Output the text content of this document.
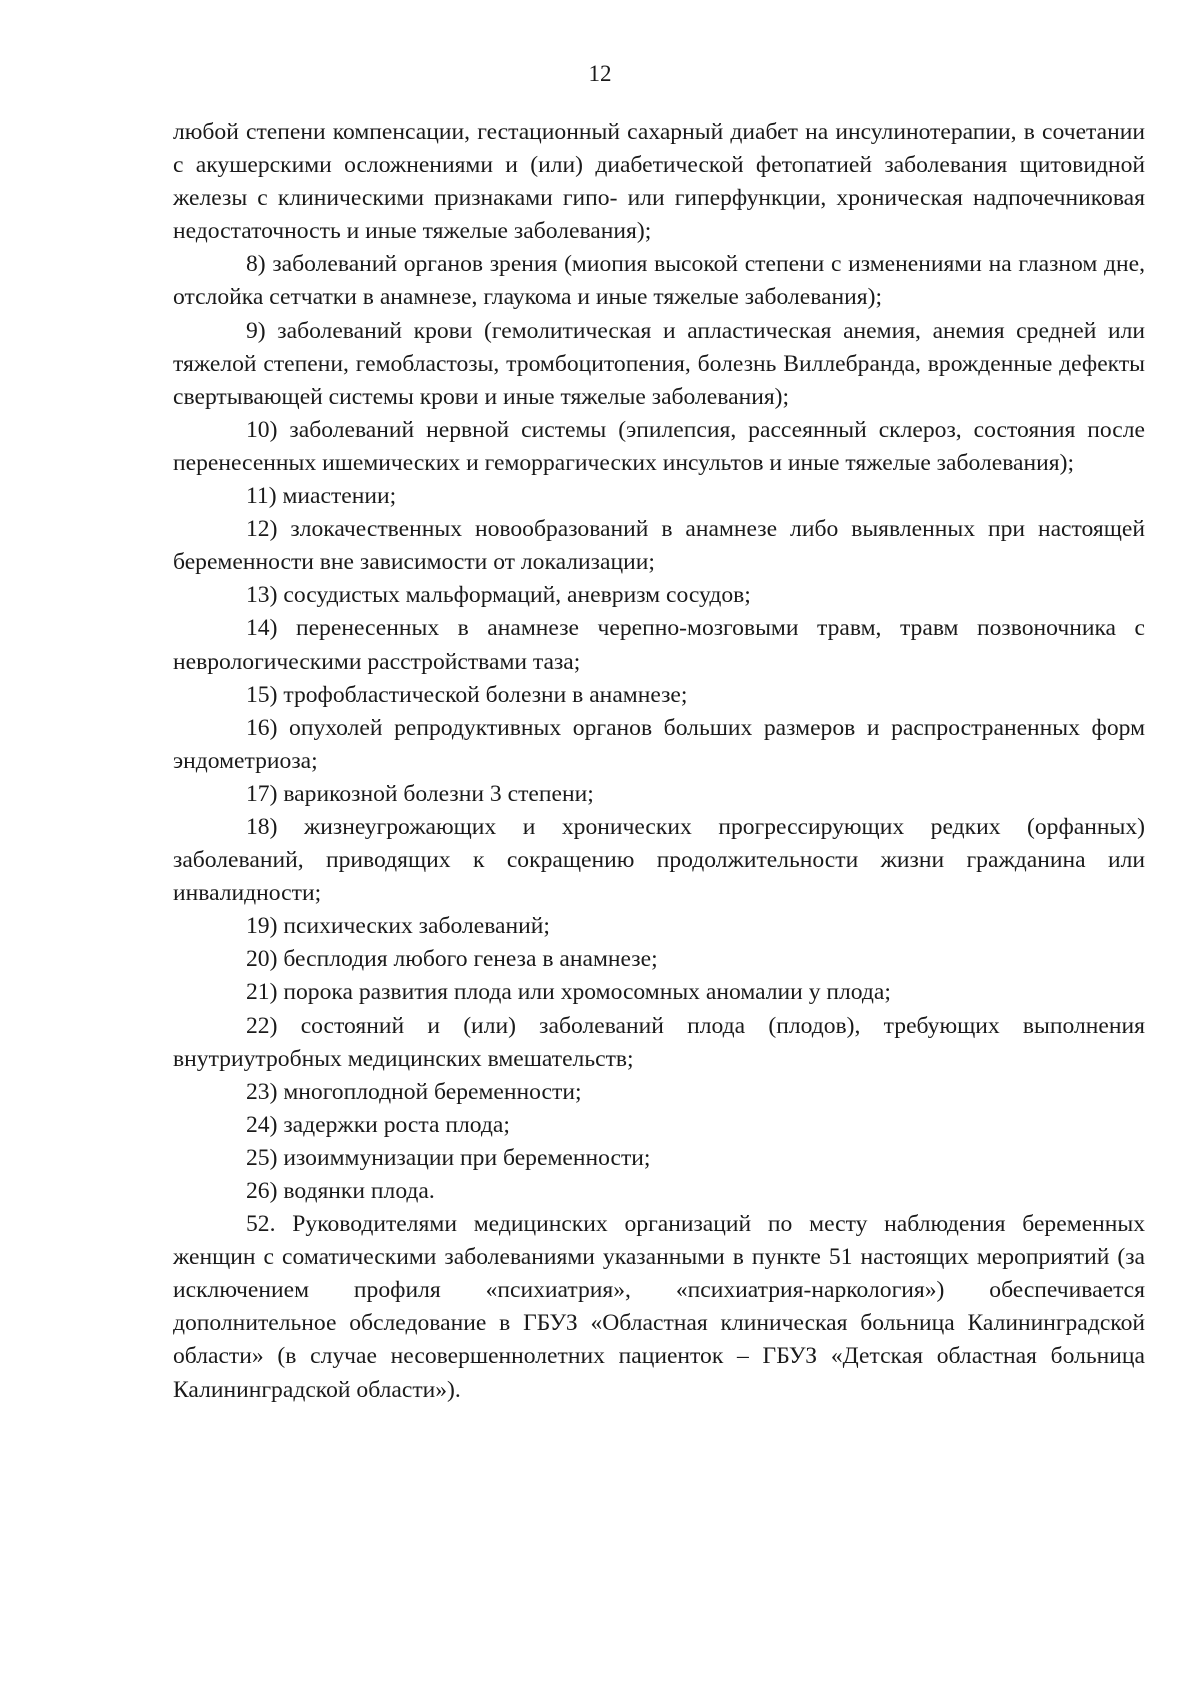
12

любой степени компенсации, гестационный сахарный диабет на инсулинотерапии, в сочетании с акушерскими осложнениями и (или) диабетической фетопатией заболевания щитовидной железы с клиническими признаками гипо- или гиперфункции, хроническая надпочечниковая недостаточность и иные тяжелые заболевания);

8) заболеваний органов зрения (миопия высокой степени с изменениями на глазном дне, отслойка сетчатки в анамнезе, глаукома и иные тяжелые заболевания);

9) заболеваний крови (гемолитическая и апластическая анемия, анемия средней или тяжелой степени, гемобластозы, тромбоцитопения, болезнь Виллебранда, врожденные дефекты свертывающей системы крови и иные тяжелые заболевания);

10) заболеваний нервной системы (эпилепсия, рассеянный склероз, состояния после перенесенных ишемических и геморрагических инсультов и иные тяжелые заболевания);

11) миастении;

12) злокачественных новообразований в анамнезе либо выявленных при настоящей беременности вне зависимости от локализации;

13) сосудистых мальформаций, аневризм сосудов;

14) перенесенных в анамнезе черепно-мозговыми травм, травм позвоночника с неврологическими расстройствами таза;

15) трофобластической болезни в анамнезе;

16) опухолей репродуктивных органов больших размеров и распространенных форм эндометриоза;

17) варикозной болезни 3 степени;

18) жизнеугрожающих и хронических прогрессирующих редких (орфанных) заболеваний, приводящих к сокращению продолжительности жизни гражданина или инвалидности;

19) психических заболеваний;

20) бесплодия любого генеза в анамнезе;

21) порока развития плода или хромосомных аномалии у плода;

22) состояний и (или) заболеваний плода (плодов), требующих выполнения внутриутробных медицинских вмешательств;

23) многоплодной беременности;

24) задержки роста плода;

25) изоиммунизации при беременности;

26) водянки плода.

52. Руководителями медицинских организаций по месту наблюдения беременных женщин с соматическими заболеваниями указанными в пункте 51 настоящих мероприятий (за исключением профиля «психиатрия», «психиатрия-наркология») обеспечивается дополнительное обследование в ГБУЗ «Областная клиническая больница Калининградской области» (в случае несовершеннолетних пациенток – ГБУЗ «Детская областная больница Калининградской области»).
